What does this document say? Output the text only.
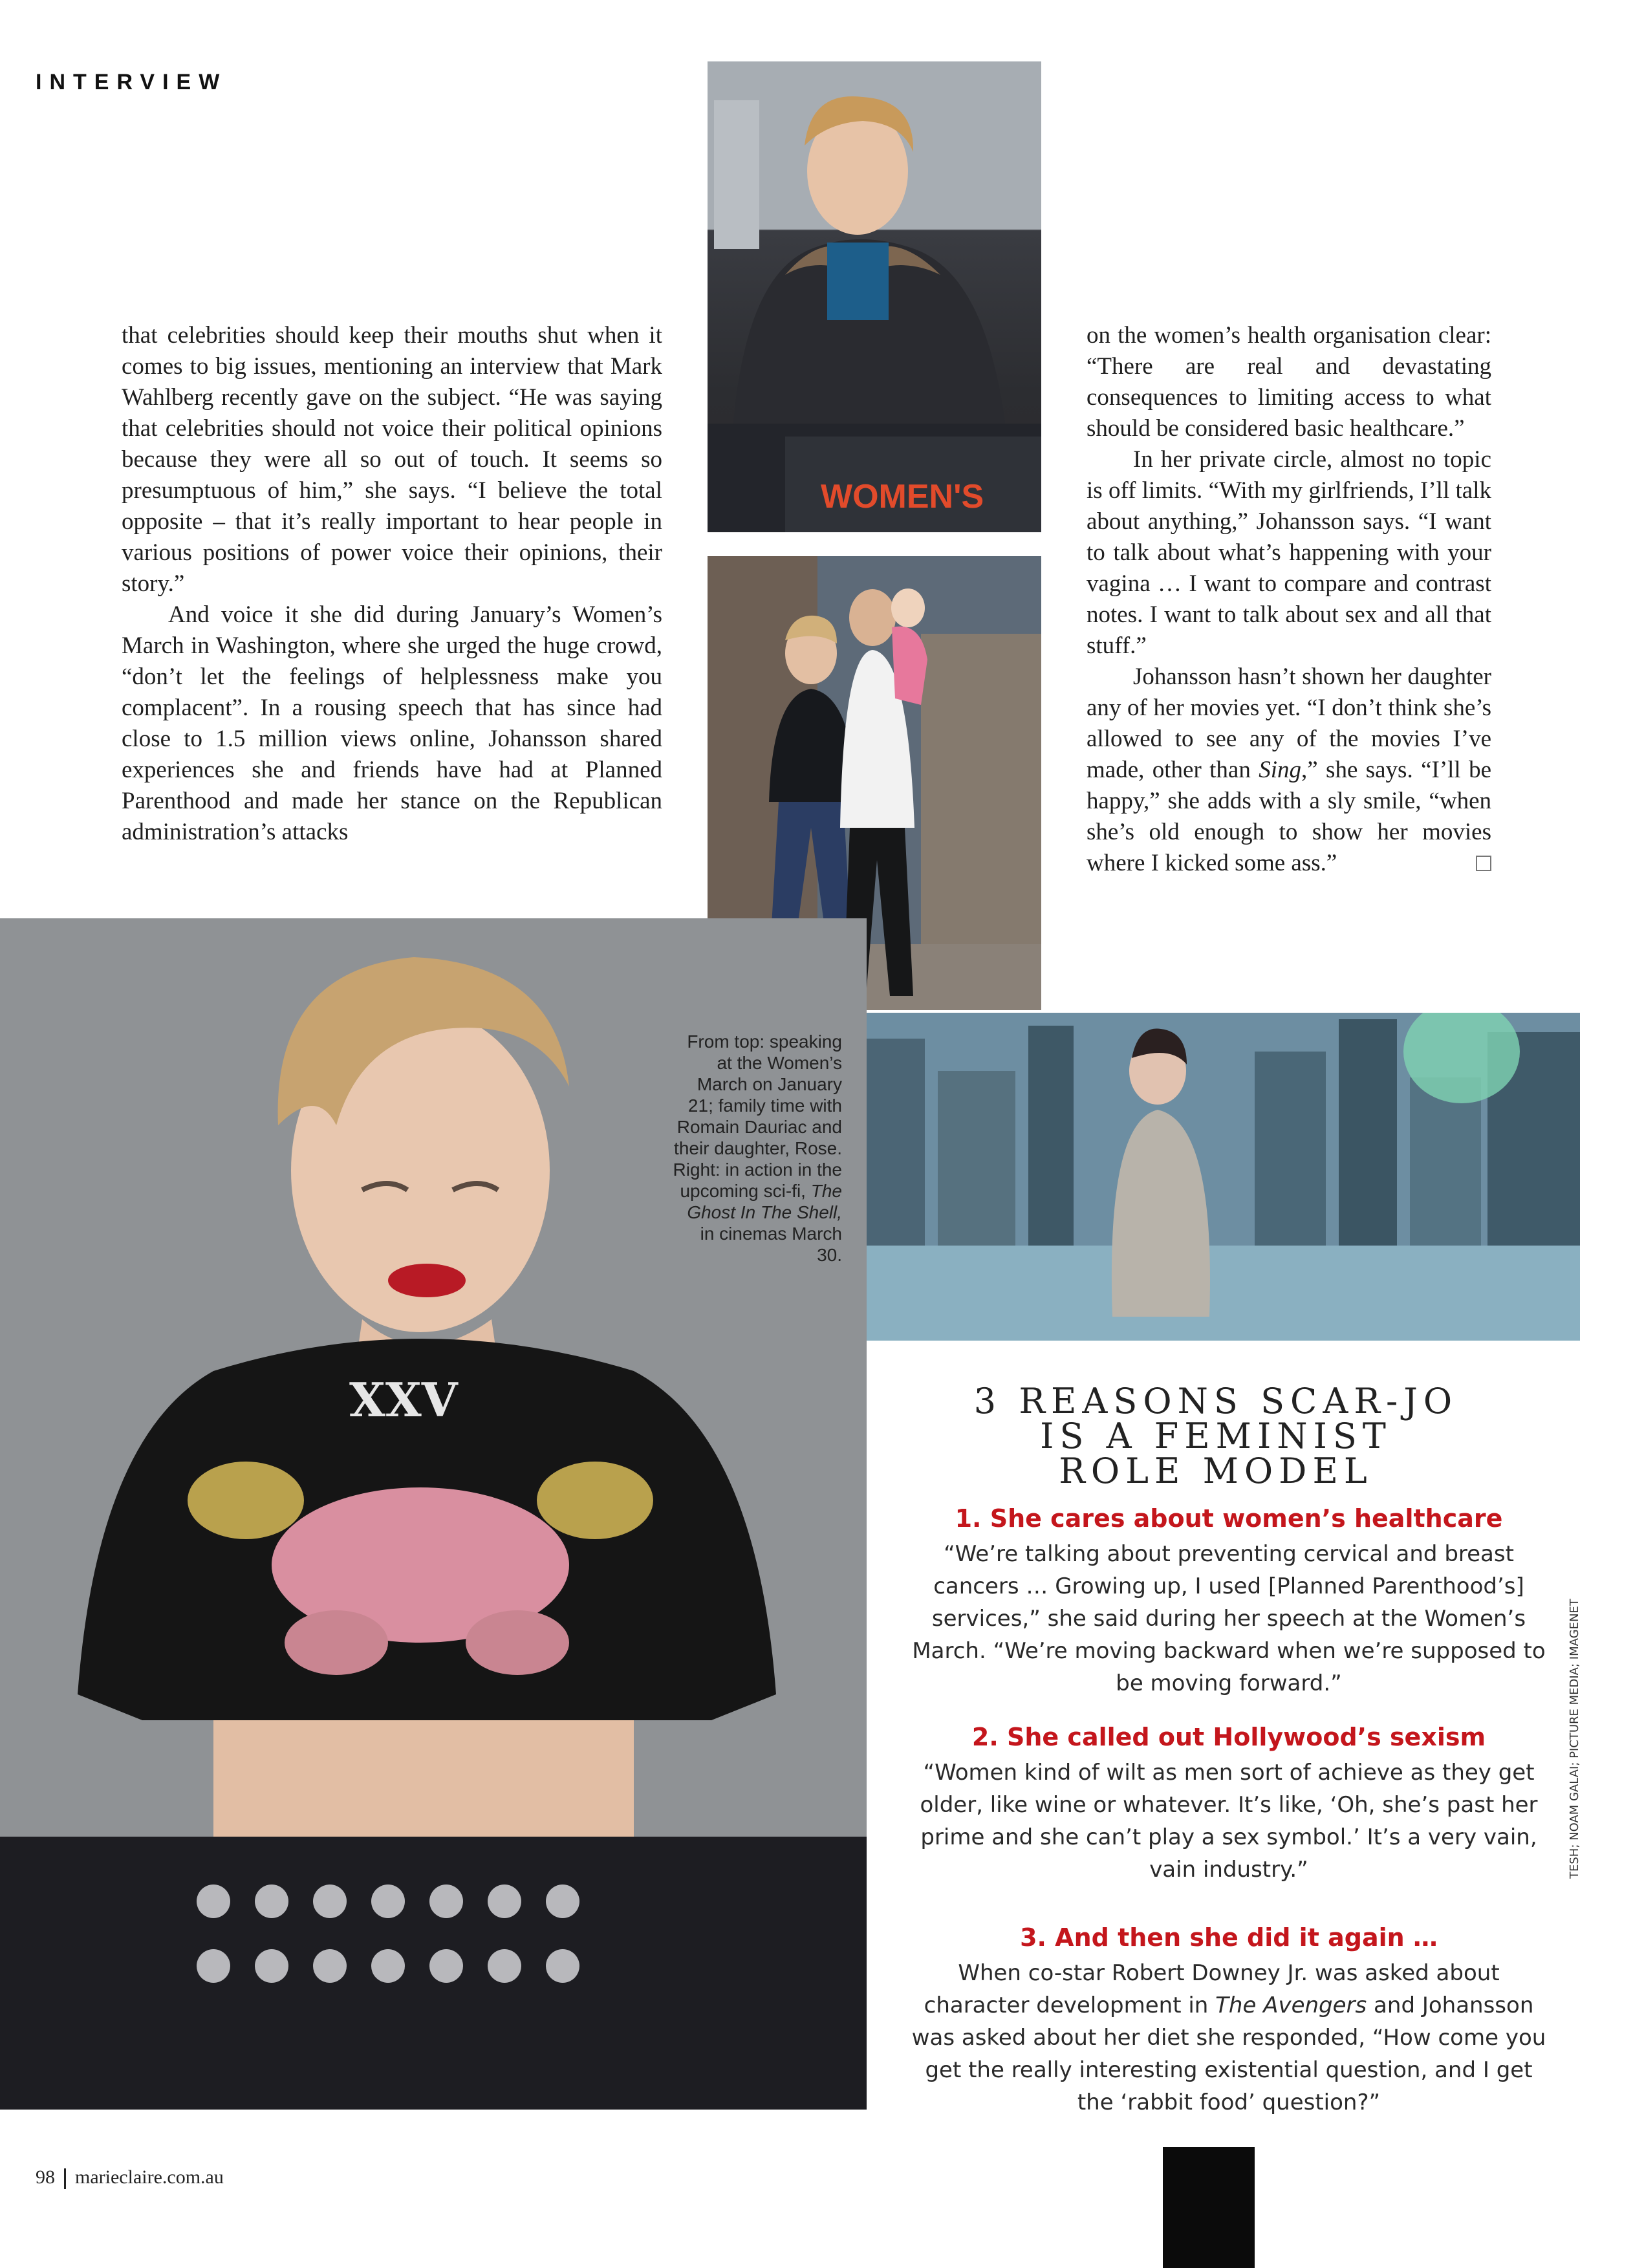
INTERVIEW
WOMEN'S
XXV

that celebrities should keep their mouths shut when it comes to big issues, mentioning an interview that Mark Wahlberg recently gave on the subject. “He was saying that celebrities should not voice their political opinions because they were all so out of touch. It seems so presumptuous of him,” she says. “I believe the total opposite – that it’s really important to hear people in various positions of power voice their opinions, their story.”

And voice it she did during January’s Women’s March in Washington, where she urged the huge crowd, “don’t let the feelings of helplessness make you complacent”. In a rousing speech that has since had close to 1.5 million views online, Johansson shared experiences she and friends have had at Planned Parenthood and made her stance on the Republican administration’s attacks

on the women’s health organisation clear: “There are real and devastating consequences to limiting access to what should be considered basic healthcare.”

In her private circle, almost no topic is off limits. “With my girlfriends, I’ll talk about anything,” Johansson says. “I want to talk about what’s happening with your vagina … I want to compare and contrast notes. I want to talk about sex and all that stuff.”

Johansson hasn’t shown her daughter any of her movies yet. “I don’t think she’s allowed to see any of the movies I’ve made, other than Sing,” she says. “I’ll be happy,” she adds with a sly smile, “when she’s old enough to show her movies where I kicked some ass.”

From top: speaking at the Women’s March on January 21; family time with Romain Dauriac and their daughter, Rose. Right: in action in the upcoming sci-fi, The Ghost In The Shell, in cinemas March 30.
3 REASONS SCAR-JO
IS A FEMINIST
ROLE MODEL
1. She cares about women’s healthcare

“We’re talking about preventing cervical and breast cancers … Growing up, I used [Planned Parenthood’s] services,” she said during her speech at the Women’s March. “We’re moving backward when we’re supposed to be moving forward.”

2. She called out Hollywood’s sexism

“Women kind of wilt as men sort of achieve as they get older, like wine or whatever. It’s like, ‘Oh, she’s past her prime and she can’t play a sex symbol.’ It’s a very vain, vain industry.”

3. And then she did it again …

When co-star Robert Downey Jr. was asked about character development in The Avengers and Johansson was asked about her diet she responded, “How come you get the really interesting existential question, and I get the ‘rabbit food’ question?”

TESH; NOAM GALAI; PICTURE MEDIA; IMAGENET
98 marieclaire.com.au
